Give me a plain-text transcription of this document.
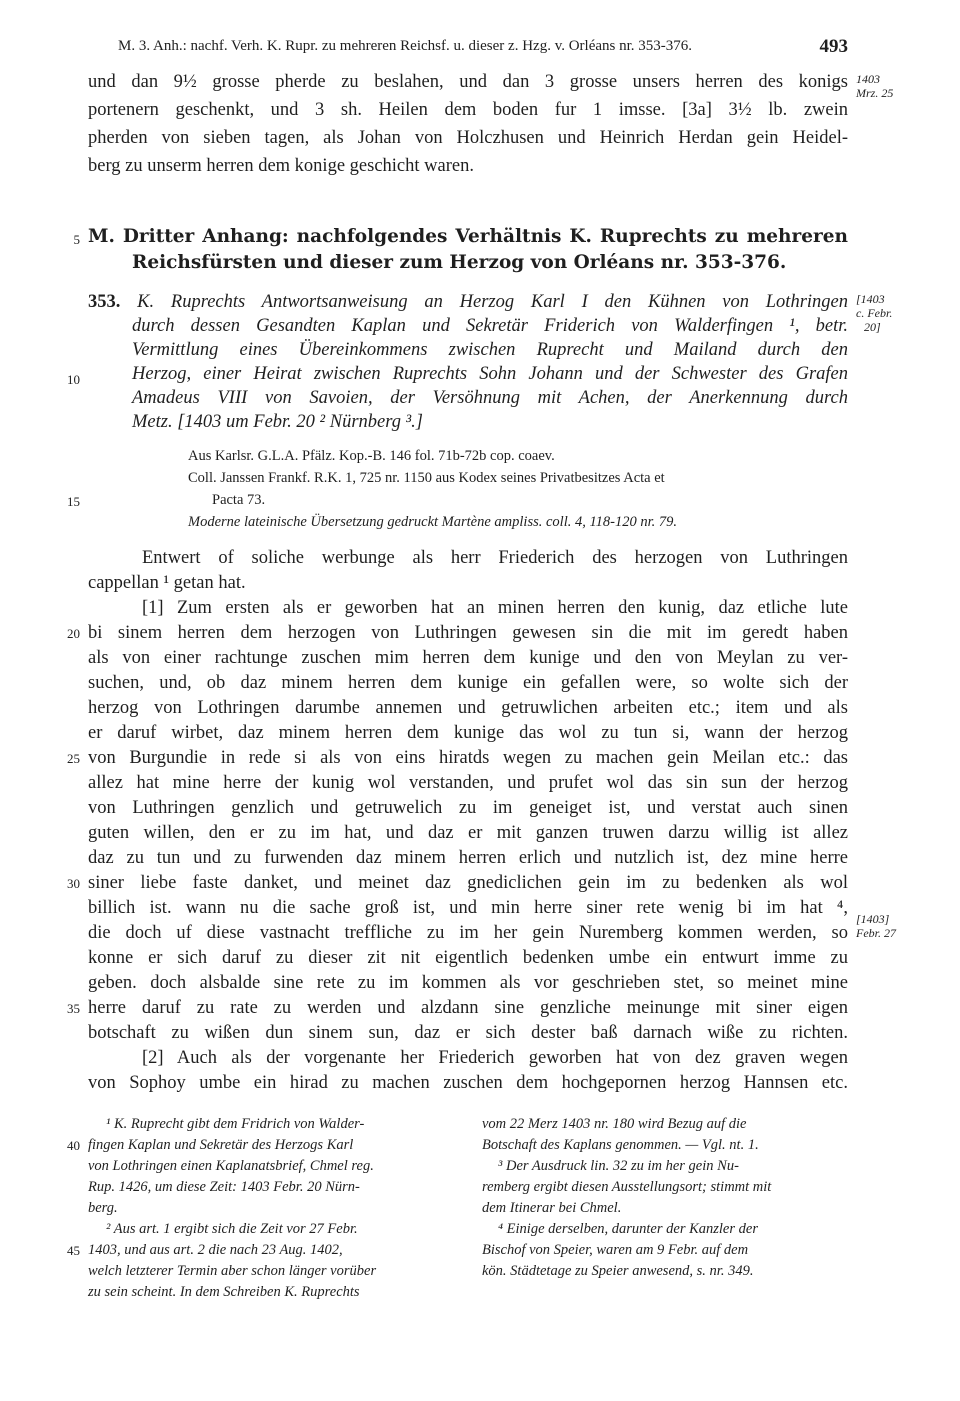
M. 3. Anh.: nachf. Verh. K. Rupr. zu mehreren Reichsf. u. dieser z. Hzg. v. Orléans nr. 353-376.	493
und dan 9½ grosse pherde zu beslahen, und dan 3 grosse unsers herren des konigs
portenern geschenkt, und 3 sh. Heilen dem boden fur 1 imsse. [3a] 3½ lb. zwein
pherden von sieben tagen, als Johan von Holczhusen und Heinrich Herdan gein Heidel-
berg zu unserm herren dem konige geschicht waren.
1403
Mrz. 25
5 M. Dritter Anhang: nachfolgendes Verhältnis K. Ruprechts zu mehreren
Reichsfürsten und dieser zum Herzog von Orléans nr. 353-376.
353. K. Ruprechts Antwortsanweisung an Herzog Karl I den Kühnen von Lothringen
durch dessen Gesandten Kaplan und Sekretär Friderich von Walderfingen ¹, betr.
Vermittlung eines Übereinkommens zwischen Ruprecht und Mailand durch den
Herzog, einer Heirat zwischen Ruprechts Sohn Johann und der Schwester des Grafen
Amadeus VIII von Savoien, der Versöhnung mit Achen, der Anerkennung durch
Metz. [1403 um Febr. 20 ² Nürnberg ³.]
[1403
c. Febr.
20]
10
15
Aus Karlsr. G.L.A. Pfälz. Kop.-B. 146 fol. 71b-72b cop. coaev.
Coll. Janssen Frankf. R.K. 1, 725 nr. 1150 aus Kodex seines Privatbesitzes Acta et
Pacta 73.
Moderne lateinische Übersetzung gedruckt Martène ampliss. coll. 4, 118-120 nr. 79.
Entwert of soliche werbunge als herr Friederich des herzogen von Luthringen
cappellan ¹ getan hat.
[1] Zum ersten als er geworben hat an minen herren den kunig, daz etliche lute
bi sinem herren dem herzogen von Luthringen gewesen sin die mit im geredt haben
als von einer rachtunge zuschen mim herren dem kunige und den von Meylan zu ver-
suchen, und, ob daz minem herren dem kunige ein gefallen were, so wolte sich der
herzog von Lothringen darumbe annemen und getruwlichen arbeiten etc.; item und als
er daruf wirbet, daz minem herren dem kunige das wol zu tun si, wann der herzog
von Burgundie in rede si als von eins hiratds wegen zu machen gein Meilan etc.: das
allez hat mine herre der kunig wol verstanden, und prufet wol das sin sun der herzog
von Luthringen genzlich und getruwelich zu im geneiget ist, und verstat auch sinen
guten willen, den er zu im hat, und daz er mit ganzen truwen darzu willig ist allez
daz zu tun und zu furwenden daz minem herren erlich und nutzlich ist, dez mine herre
siner liebe faste danket, und meinet daz gnediclichen gein im zu bedenken als wol
billich ist. wann nu die sache groß ist, und min herre siner rete wenig bi im hat ⁴,
die doch uf diese vastnacht treffliche zu im her gein Nuremberg kommen werden, so
konne er sich daruf zu dieser zit nit eigentlich bedenken umbe ein entwurt imme zu
geben. doch alsbalde sine rete zu im kommen als vor geschrieben stet, so meinet mine
herre daruf zu rate zu werden und alzdann sine genzliche meinunge mit siner eigen
botschaft zu wißen dun sinem sun, daz er sich dester baß darnach wiße zu richten.
[2] Auch als der vorgenante her Friederich geworben hat von dez graven wegen
von Sophoy umbe ein hirad zu machen zuschen dem hochgepornen herzog Hannsen etc.
20
25
30
35
[1403]
Febr. 27
¹ K. Ruprecht gibt dem Fridrich von Walder-
fingen Kaplan und Sekretär des Herzogs Karl
von Lothringen einen Kaplanatsbrief, Chmel reg.
Rup. 1426, um diese Zeit: 1403 Febr. 20 Nürn-
berg.
² Aus art. 1 ergibt sich die Zeit vor 27 Febr.
1403, und aus art. 2 die nach 23 Aug. 1402,
welch letzterer Termin aber schon länger vorüber
zu sein scheint. In dem Schreiben K. Ruprechts
40
45
vom 22 Merz 1403 nr. 180 wird Bezug auf die
Botschaft des Kaplans genommen. — Vgl. nt. 1.
³ Der Ausdruck lin. 32 zu im her gein Nu-
remberg ergibt diesen Ausstellungsort; stimmt mit
dem Itinerar bei Chmel.
⁴ Einige derselben, darunter der Kanzler der
Bischof von Speier, waren am 9 Febr. auf dem
kön. Städtetage zu Speier anwesend, s. nr. 349.
